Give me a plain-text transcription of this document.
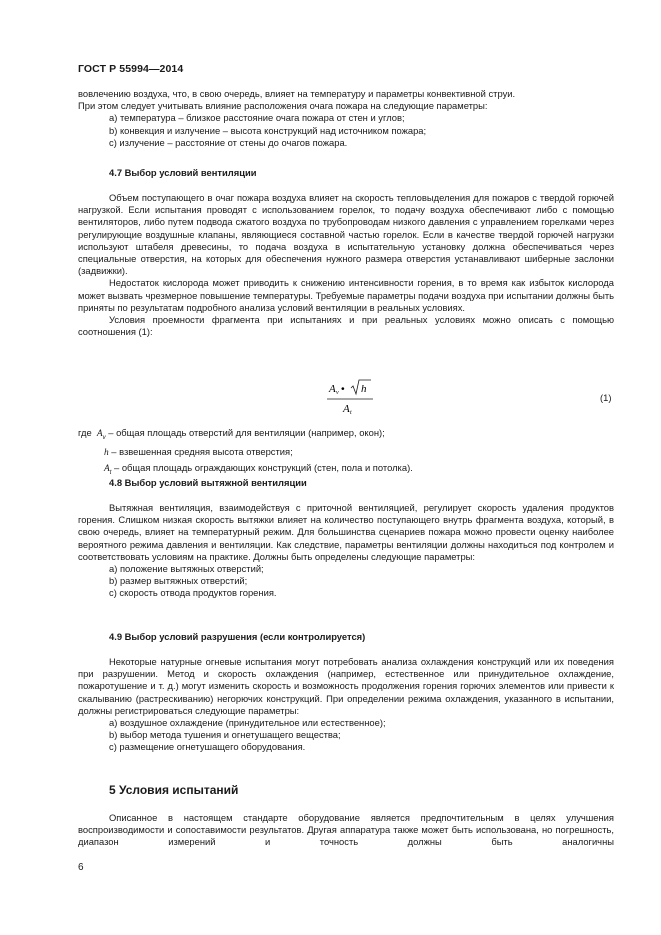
ГОСТ Р 55994—2014

вовлечению воздуха, что, в свою очередь, влияет на температуру и параметры конвективной струи.

При этом следует учитывать влияние расположения очага пожара на следующие параметры:

a) температура – близкое расстояние очага пожара от стен и углов;

b) конвекция и излучение – высота конструкций над источником пожара;

c) излучение – расстояние от стены до очагов пожара.

4.7 Выбор условий вентиляции

Объем поступающего в очаг пожара воздуха влияет на скорость тепловыделения для пожаров с твердой горючей нагрузкой. Если испытания проводят с использованием горелок, то подачу воздуха обеспечивают либо с помощью вентиляторов, либо путем подвода сжатого воздуха по трубопроводам низкого давления с управлением горелками через регулирующие воздушные клапаны, являющиеся составной частью горелок. Если в качестве твердой горючей нагрузки используют штабеля древесины, то подача воздуха в испытательную установку должна обеспечиваться через специальные отверстия, на которых для обеспечения нужного размера отверстия устанавливают шиберные заслонки (задвижки).

Недостаток кислорода может приводить к снижению интенсивности горения, в то время как избыток кислорода может вызвать чрезмерное повышение температуры. Требуемые параметры подачи воздуха при испытании должны быть приняты по результатам подробного анализа условий вентиляции в реальных условиях.

Условия проемности фрагмента при испытаниях и при реальных условиях можно описать с помощью соотношения (1):

A v • h
A t
(1)
где $A_v$ – общая площадь отверстий для вентиляции (например, окон);
h – взвешенная средняя высота отверстия;
$A_t$ – общая площадь ограждающих конструкций (стен, пола и потолка).
4.8 Выбор условий вытяжной вентиляции

Вытяжная вентиляция, взаимодействуя с приточной вентиляцией, регулирует скорость удаления продуктов горения. Слишком низкая скорость вытяжки влияет на количество поступающего внутрь фрагмента воздуха, который, в свою очередь, влияет на температурный режим. Для большинства сценариев пожара можно провести оценку наиболее вероятного режима давления и вентиляции. Как следствие, параметры вентиляции должны находиться под контролем и соответствовать условиям на практике. Должны быть определены следующие параметры:

a) положение вытяжных отверстий;

b) размер вытяжных отверстий;

c) скорость отвода продуктов горения.

4.9 Выбор условий разрушения (если контролируется)

Некоторые натурные огневые испытания могут потребовать анализа охлаждения конструкций или их поведения при разрушении. Метод и скорость охлаждения (например, естественное или принудительное охлаждение, пожаротушение и т. д.) могут изменить скорость и возможность продолжения горения горючих элементов или привести к скалыванию (растрескиванию) негорючих конструкций. При определении режима охлаждения, указанного в испытании, должны регистрироваться следующие параметры:

a) воздушное охлаждение (принудительное или естественное);

b) выбор метода тушения и огнетушащего вещества;

c) размещение огнетушащего оборудования.

5 Условия испытаний

Описанное в настоящем стандарте оборудование является предпочтительным в целях улучшения воспроизводимости и сопоставимости результатов. Другая аппаратура также может быть использована, но погрешность, диапазон измерений и точность должны быть аналогичны

6
